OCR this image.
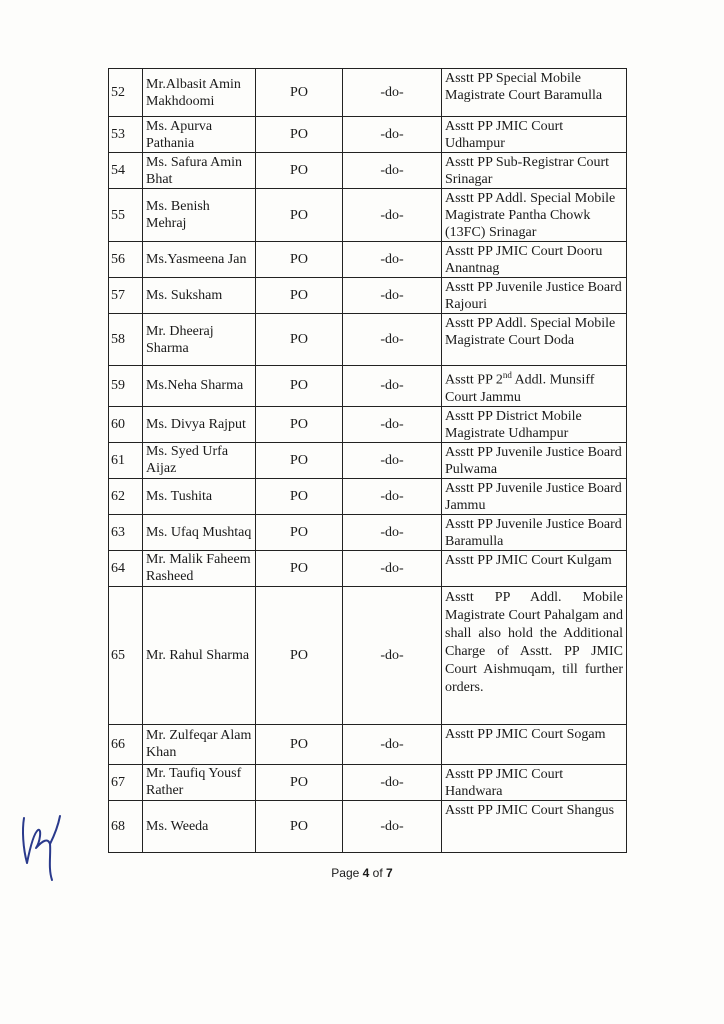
52	Mr.Albasit Amin Makhdoomi	PO	-do-	Asstt PP Special Mobile Magistrate Court Baramulla
53	Ms. Apurva Pathania	PO	-do-	Asstt PP JMIC Court Udhampur
54	Ms. Safura Amin Bhat	PO	-do-	Asstt PP Sub-Registrar Court Srinagar
55	Ms. Benish Mehraj	PO	-do-	Asstt PP Addl. Special Mobile Magistrate Pantha Chowk (13FC) Srinagar
56	Ms.Yasmeena Jan	PO	-do-	Asstt PP JMIC Court Dooru Anantnag
57	Ms. Suksham	PO	-do-	Asstt PP Juvenile Justice Board Rajouri
58	Mr. Dheeraj Sharma	PO	-do-	Asstt PP Addl. Special Mobile Magistrate Court Doda
59	Ms.Neha Sharma	PO	-do-	Asstt PP 2nd Addl. Munsiff Court Jammu
60	Ms. Divya Rajput	PO	-do-	Asstt PP District Mobile Magistrate Udhampur
61	Ms. Syed Urfa Aijaz	PO	-do-	Asstt PP Juvenile Justice Board Pulwama
62	Ms. Tushita	PO	-do-	Asstt PP Juvenile Justice Board Jammu
63	Ms. Ufaq Mushtaq	PO	-do-	Asstt PP Juvenile Justice Board Baramulla
64	Mr. Malik Faheem Rasheed	PO	-do-	Asstt PP JMIC Court Kulgam
65	Mr. Rahul Sharma	PO	-do-	Asstt PP Addl. Mobile Magistrate Court Pahalgam and shall also hold the Additional Charge of Asstt. PP JMIC Court Aishmuqam, till further orders.
66	Mr. Zulfeqar Alam Khan	PO	-do-	Asstt PP JMIC Court Sogam
67	Mr. Taufiq Yousf Rather	PO	-do-	Asstt PP JMIC Court Handwara
68	Ms. Weeda	PO	-do-	Asstt PP JMIC Court Shangus
Page 4 of 7
